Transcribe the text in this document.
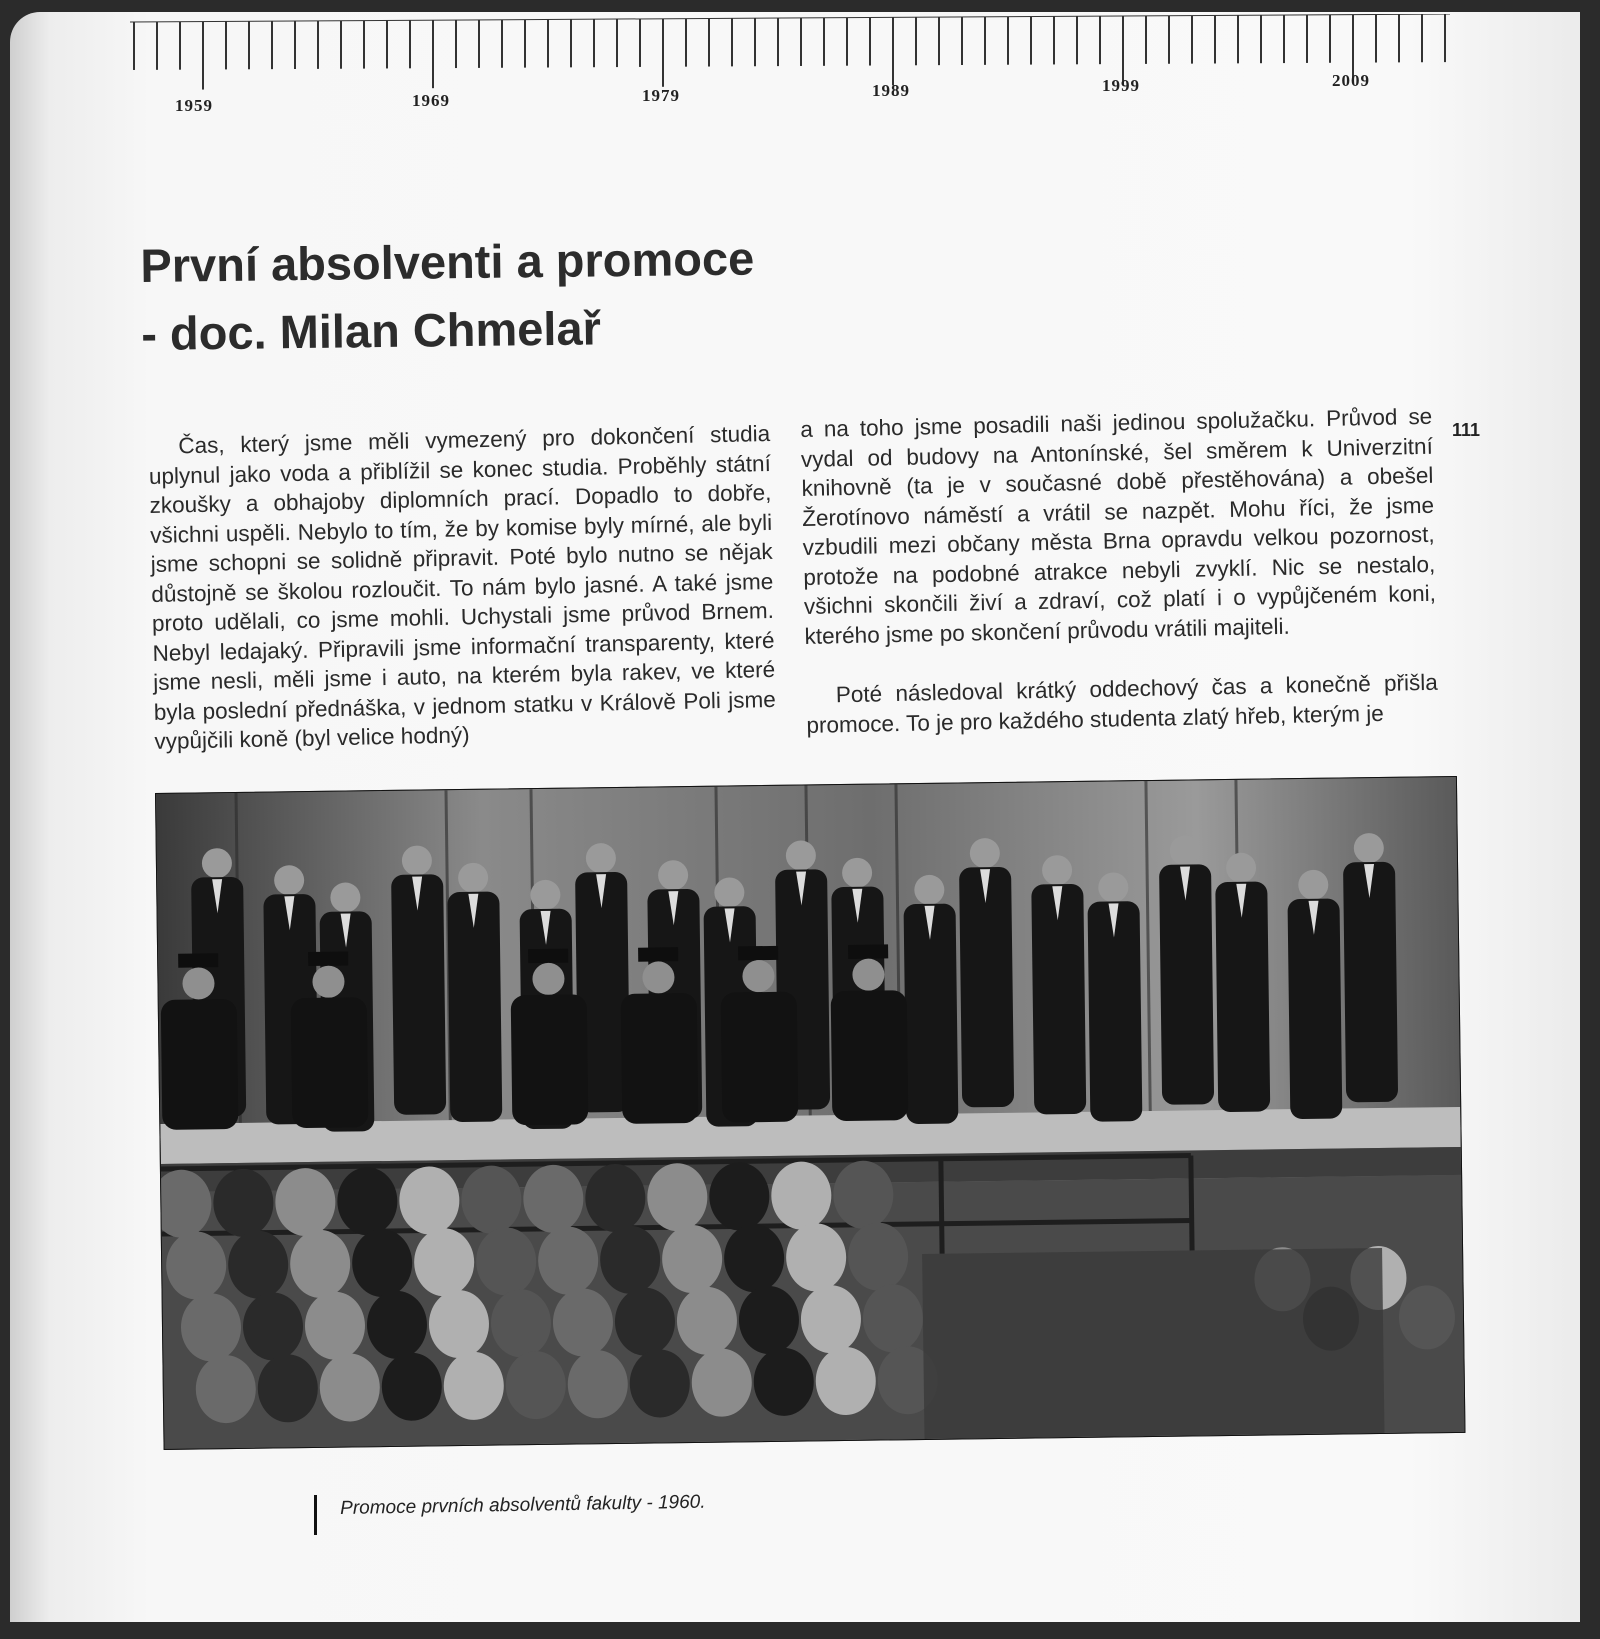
1959	1969	1979	1989	1999	2009
První absolventi a promoce
- doc. Milan Chmelař

Čas, který jsme měli vymezený pro dokončení studia uplynul jako voda a přiblížil se konec studia. Proběhly státní zkoušky a obhajoby diplomních prací. Dopadlo to dobře, všichni uspěli. Nebylo to tím, že by komise byly mírné, ale byli jsme schopni se solidně připravit. Poté bylo nutno se nějak důstojně se školou rozloučit. To nám bylo jasné. A také jsme proto udělali, co jsme mohli. Uchystali jsme průvod Brnem. Nebyl ledajaký. Připravili jsme informační transparenty, které jsme nesli, měli jsme i auto, na kterém byla rakev, ve které byla poslední přednáška, v jednom statku v Králově Poli jsme vypůjčili koně (byl velice hodný)

a na toho jsme posadili naši jedinou spolužačku. Průvod se vydal od budovy na Antonínské, šel směrem k Univerzitní knihovně (ta je v současné době přestěhována) a obešel Žerotínovo náměstí a vrátil se nazpět. Mohu říci, že jsme vzbudili mezi občany města Brna opravdu velkou pozornost, protože na podobné atrakce nebyli zvyklí. Nic se nestalo, všichni skončili živí a zdraví, což platí i o vypůjčeném koni, kterého jsme po skončení průvodu vrátili majiteli.

Poté následoval krátký oddechový čas a konečně přišla promoce. To je pro každého studenta zlatý hřeb, kterým je

111
Promoce prvních absolventů fakulty - 1960.
